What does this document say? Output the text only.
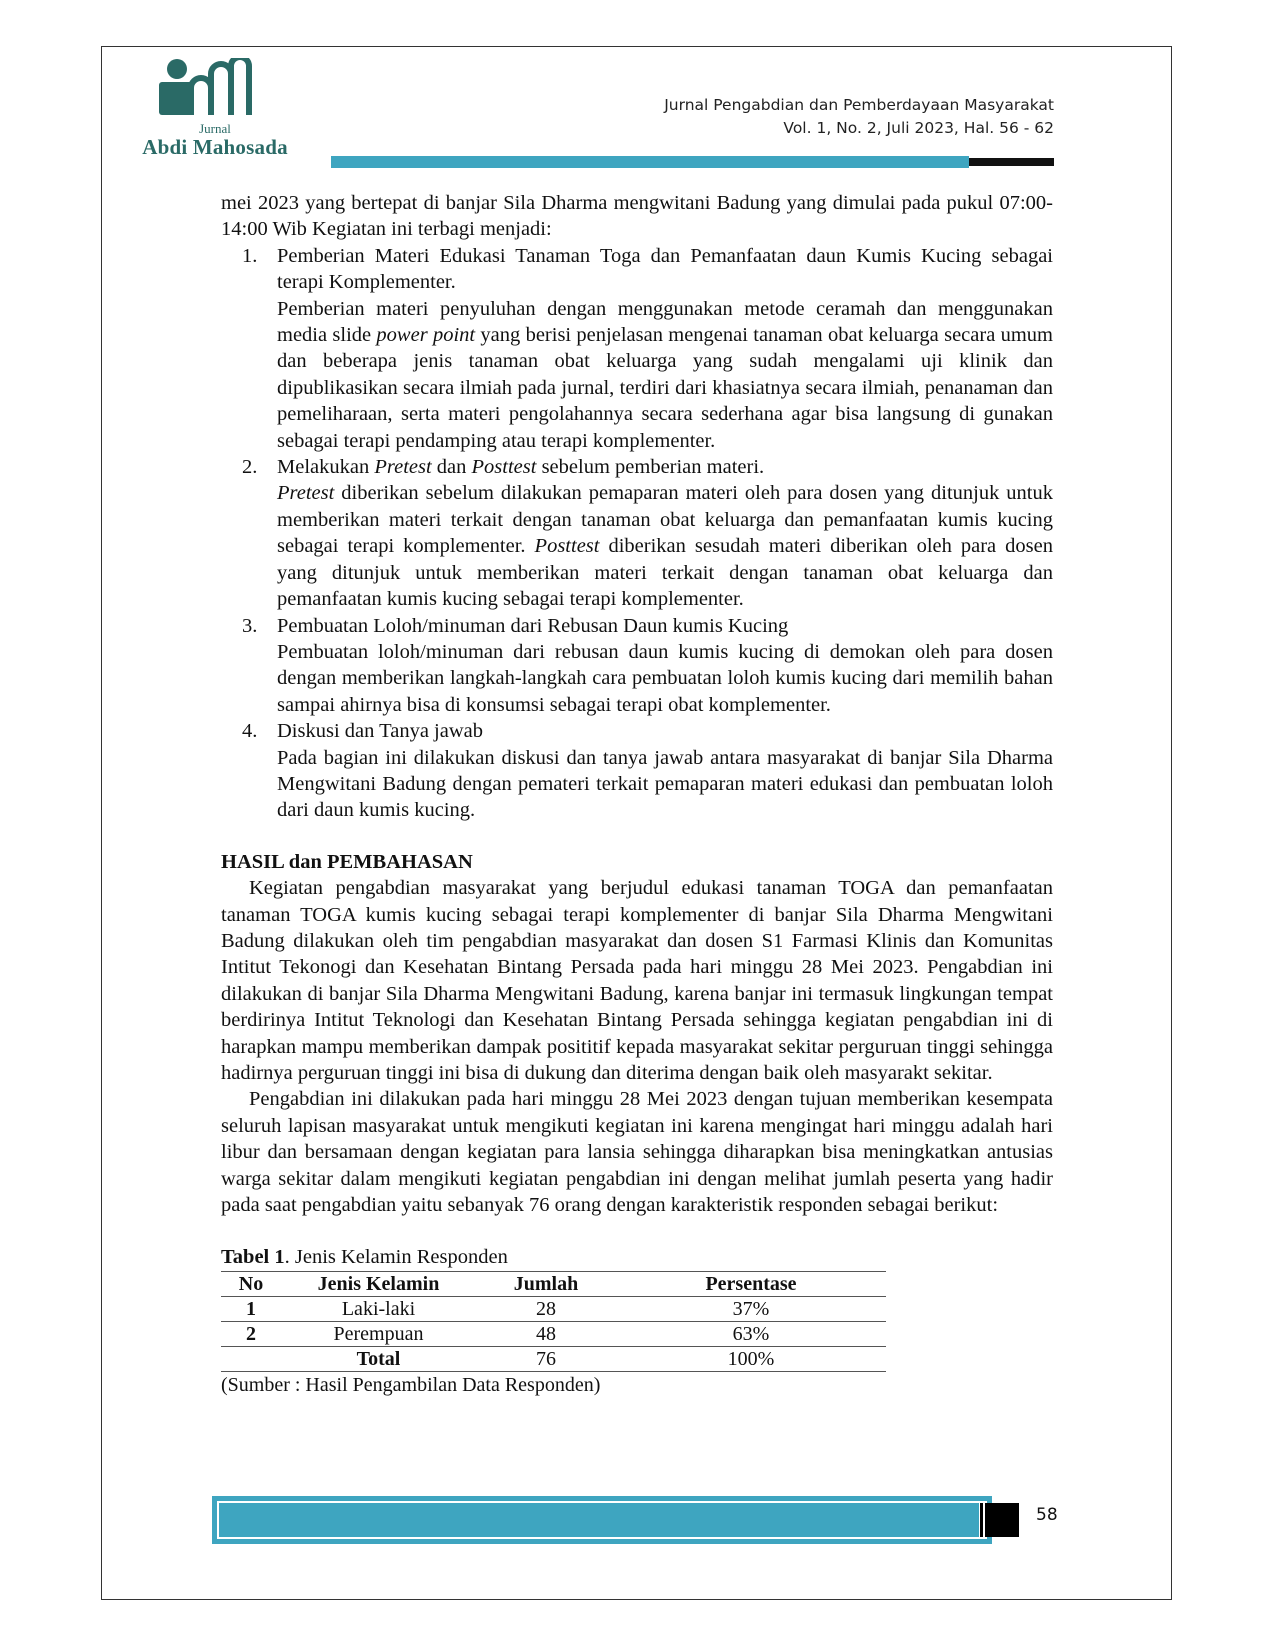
Jurnal
Abdi Mahosada
Jurnal Pengabdian dan Pemberdayaan Masyarakat
Vol. 1, No. 2, Juli 2023, Hal. 56 - 62

mei 2023 yang bertepat di banjar Sila Dharma mengwitani Badung yang dimulai pada pukul 07:00-14:00 Wib Kegiatan ini terbagi menjadi:

1. Pemberian Materi Edukasi Tanaman Toga dan Pemanfaatan daun Kumis Kucing sebagai terapi Komplementer.

Pemberian materi penyuluhan dengan menggunakan metode ceramah dan menggunakan media slide power point yang berisi penjelasan mengenai tanaman obat keluarga secara umum dan beberapa jenis tanaman obat keluarga yang sudah mengalami uji klinik dan dipublikasikan secara ilmiah pada jurnal, terdiri dari khasiatnya secara ilmiah, penanaman dan pemeliharaan, serta materi pengolahannya secara sederhana agar bisa langsung di gunakan sebagai terapi pendamping atau terapi komplementer.

2. Melakukan Pretest dan Posttest sebelum pemberian materi.

Pretest diberikan sebelum dilakukan pemaparan materi oleh para dosen yang ditunjuk untuk memberikan materi terkait dengan tanaman obat keluarga dan pemanfaatan kumis kucing sebagai terapi komplementer. Posttest diberikan sesudah materi diberikan oleh para dosen yang ditunjuk untuk memberikan materi terkait dengan tanaman obat keluarga dan pemanfaatan kumis kucing sebagai terapi komplementer.

3. Pembuatan Loloh/minuman dari Rebusan Daun kumis Kucing

Pembuatan loloh/minuman dari rebusan daun kumis kucing di demokan oleh para dosen dengan memberikan langkah-langkah cara pembuatan loloh kumis kucing dari memilih bahan sampai ahirnya bisa di konsumsi sebagai terapi obat komplementer.

4. Diskusi dan Tanya jawab

Pada bagian ini dilakukan diskusi dan tanya jawab antara masyarakat di banjar Sila Dharma Mengwitani Badung dengan pemateri terkait pemaparan materi edukasi dan pembuatan loloh dari daun kumis kucing.

HASIL dan PEMBAHASAN

Kegiatan pengabdian masyarakat yang berjudul edukasi tanaman TOGA dan pemanfaatan tanaman TOGA kumis kucing sebagai terapi komplementer di banjar Sila Dharma Mengwitani Badung dilakukan oleh tim pengabdian masyarakat dan dosen S1 Farmasi Klinis dan Komunitas Intitut Tekonogi dan Kesehatan Bintang Persada pada hari minggu 28 Mei 2023. Pengabdian ini dilakukan di banjar Sila Dharma Mengwitani Badung, karena banjar ini termasuk lingkungan tempat berdirinya Intitut Teknologi dan Kesehatan Bintang Persada sehingga kegiatan pengabdian ini di harapkan mampu memberikan dampak posititif kepada masyarakat sekitar perguruan tinggi sehingga hadirnya perguruan tinggi ini bisa di dukung dan diterima dengan baik oleh masyarakt sekitar.

Pengabdian ini dilakukan pada hari minggu 28 Mei 2023 dengan tujuan memberikan kesempata seluruh lapisan masyarakat untuk mengikuti kegiatan ini karena mengingat hari minggu adalah hari libur dan bersamaan dengan kegiatan para lansia sehingga diharapkan bisa meningkatkan antusias warga sekitar dalam mengikuti kegiatan pengabdian ini dengan melihat jumlah peserta yang hadir pada saat pengabdian yaitu sebanyak 76 orang dengan karakteristik responden sebagai berikut:

Tabel 1. Jenis Kelamin Responden

No	Jenis Kelamin	Jumlah	Persentase
1	Laki-laki	28	37%
2	Perempuan	48	63%
	Total	76	100%

(Sumber : Hasil Pengambilan Data Responden)

58
